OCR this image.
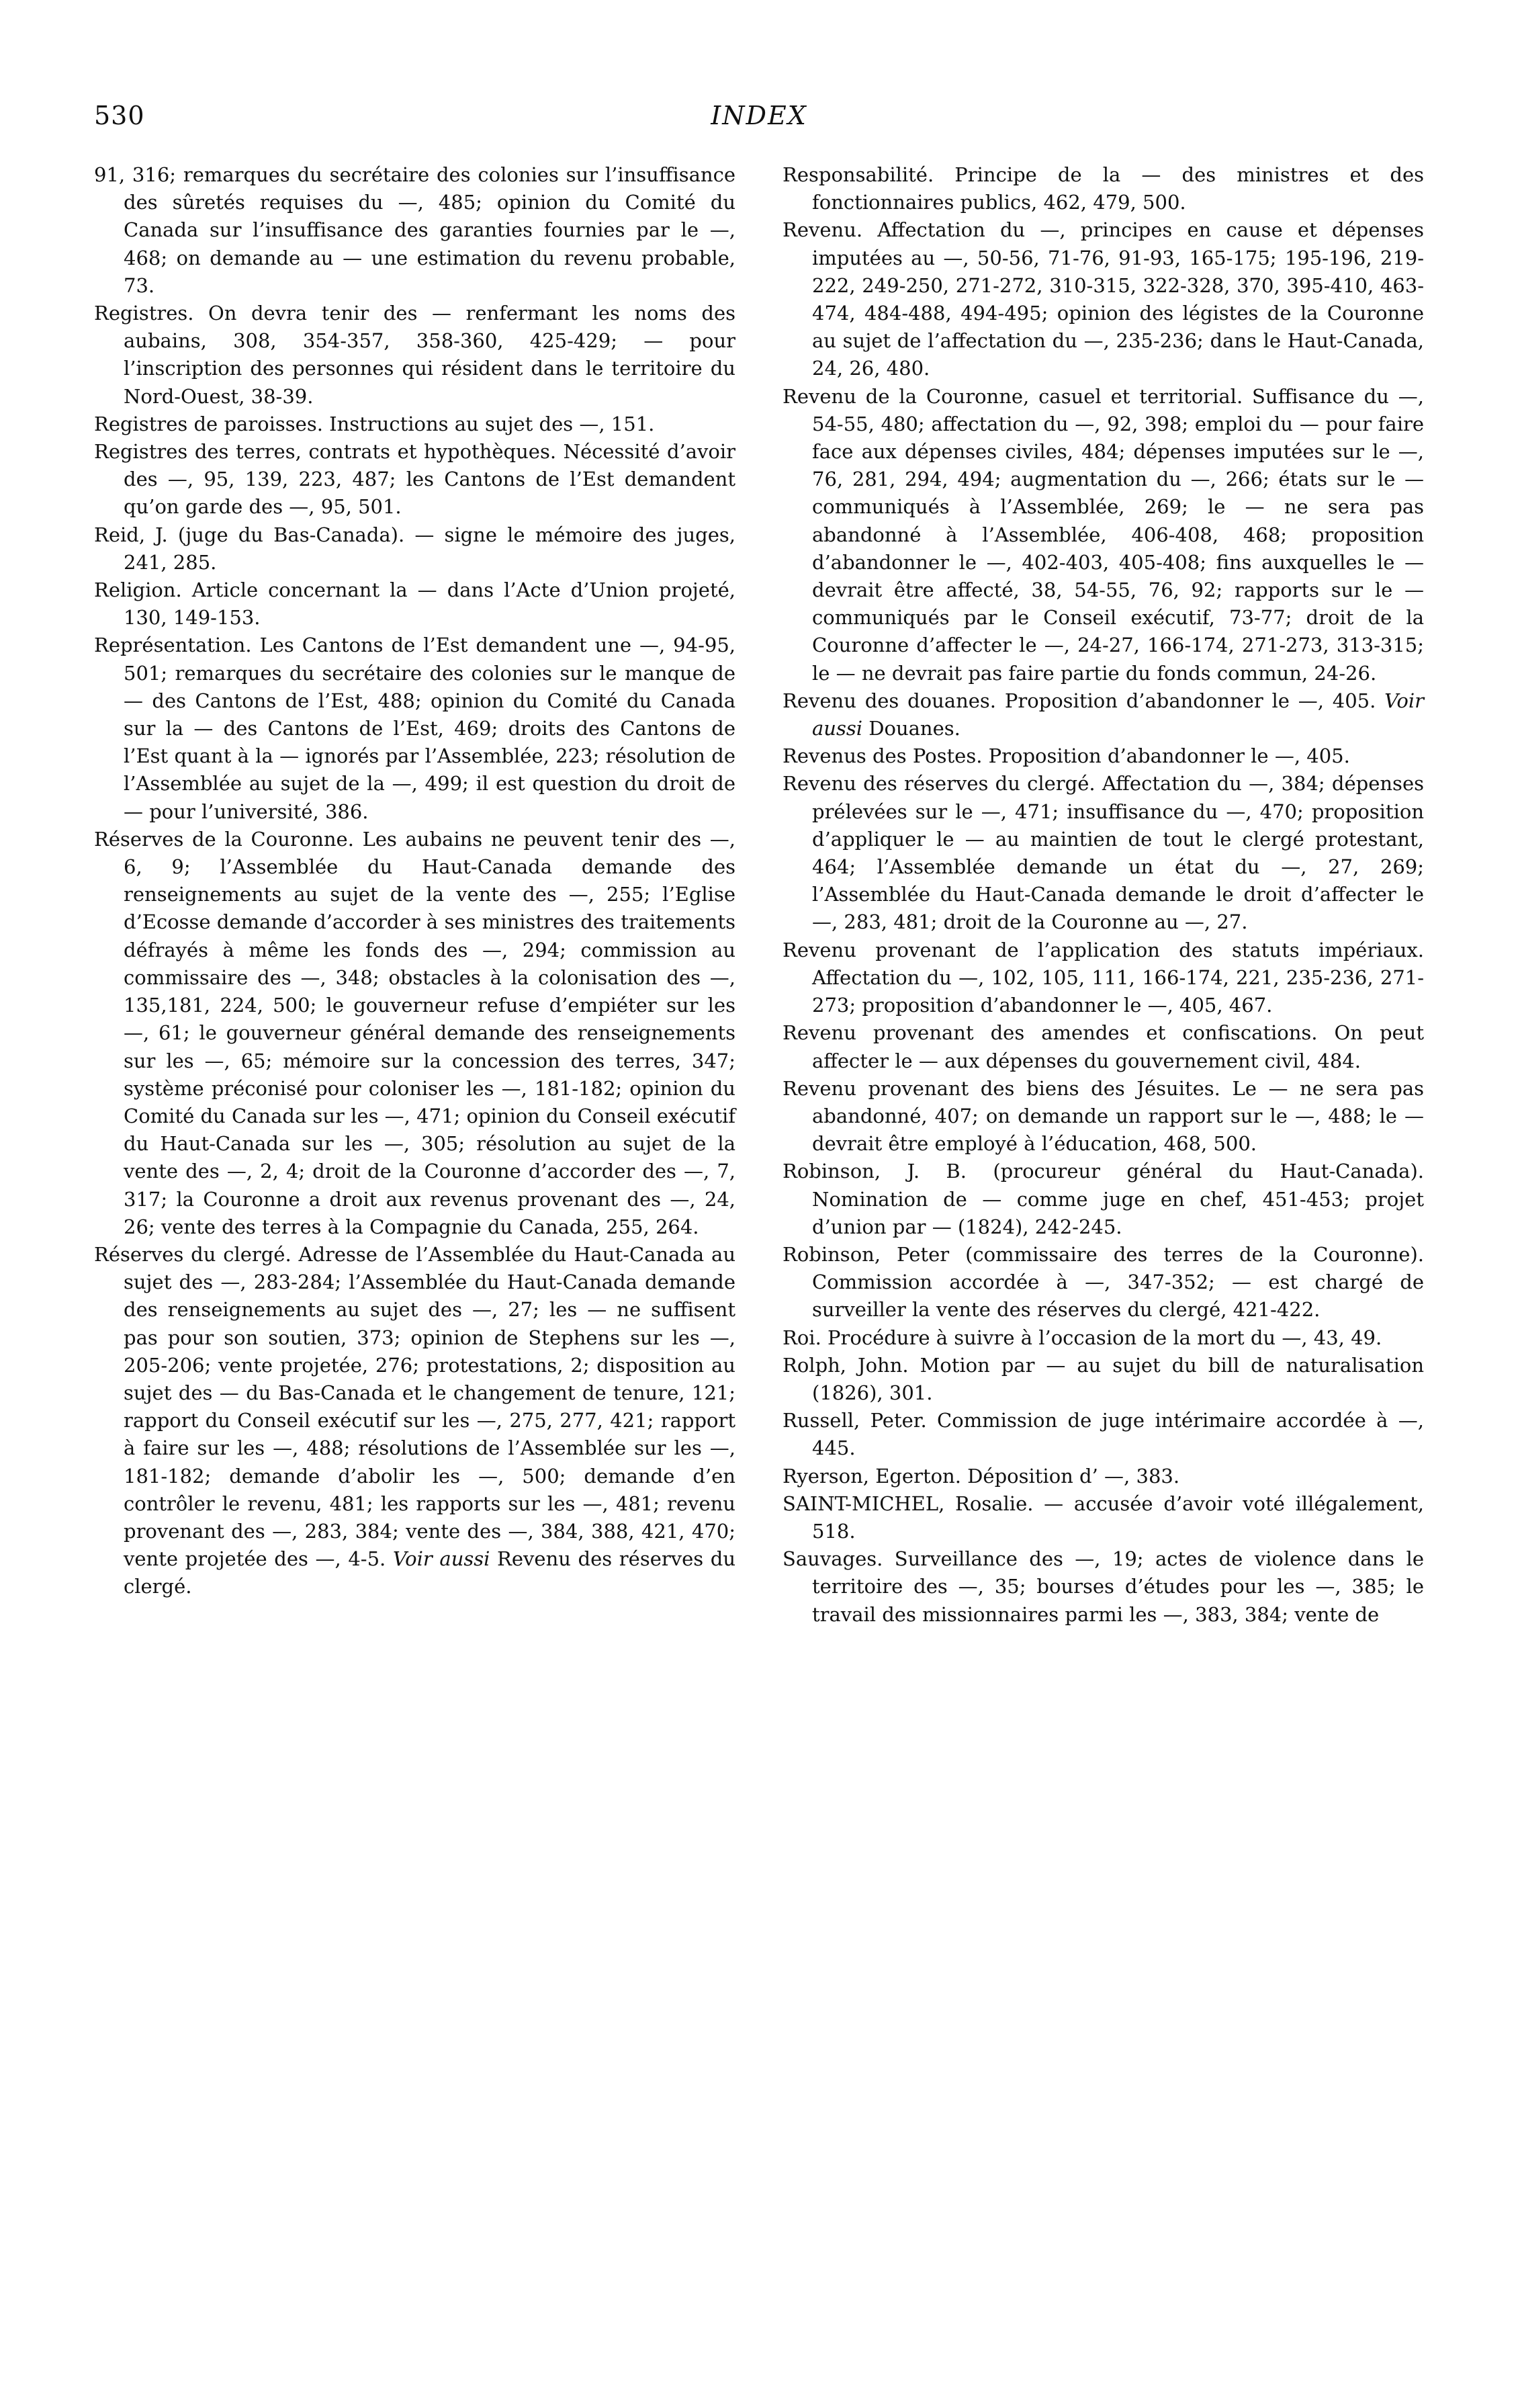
530	INDEX

91, 316; remarques du secrétaire des colonies sur l’insuffisance des sûretés requises du —, 485; opinion du Comité du Canada sur l’insuffisance des garanties fournies par le —, 468; on demande au — une estimation du revenu probable, 73.

Registres. On devra tenir des — renfermant les noms des aubains, 308, 354-357, 358-360, 425-429; — pour l’inscription des personnes qui résident dans le territoire du Nord-Ouest, 38-39.

Registres de paroisses. Instructions au sujet des —, 151.

Registres des terres, contrats et hypothèques. Nécessité d’avoir des —, 95, 139, 223, 487; les Cantons de l’Est demandent qu’on garde des —, 95, 501.

Reid, J. (juge du Bas-Canada). — signe le mémoire des juges, 241, 285.

Religion. Article concernant la — dans l’Acte d’Union projeté, 130, 149-153.

Représentation. Les Cantons de l’Est demandent une —, 94-95, 501; remarques du secrétaire des colonies sur le manque de — des Cantons de l’Est, 488; opinion du Comité du Canada sur la — des Cantons de l’Est, 469; droits des Cantons de l’Est quant à la — ignorés par l’Assemblée, 223; résolution de l’Assemblée au sujet de la —, 499; il est question du droit de — pour l’université, 386.

Réserves de la Couronne. Les aubains ne peuvent tenir des —, 6, 9; l’Assemblée du Haut-Canada demande des renseignements au sujet de la vente des —, 255; l’Eglise d’Ecosse demande d’accorder à ses ministres des traitements défrayés à même les fonds des —, 294; commission au commissaire des —, 348; obstacles à la colonisation des —, 135,181, 224, 500; le gouverneur refuse d’empiéter sur les —, 61; le gouverneur général demande des renseignements sur les —, 65; mémoire sur la concession des terres, 347; système préconisé pour coloniser les —, 181-182; opinion du Comité du Canada sur les —, 471; opinion du Conseil exécutif du Haut-Canada sur les —, 305; résolution au sujet de la vente des —, 2, 4; droit de la Couronne d’accorder des —, 7, 317; la Couronne a droit aux revenus provenant des —, 24, 26; vente des terres à la Compagnie du Canada, 255, 264.

Réserves du clergé. Adresse de l’Assemblée du Haut-Canada au sujet des —, 283-284; l’Assemblée du Haut-Canada demande des renseignements au sujet des —, 27; les — ne suffisent pas pour son soutien, 373; opinion de Stephens sur les —, 205-206; vente projetée, 276; protestations, 2; disposition au sujet des — du Bas-Canada et le changement de tenure, 121; rapport du Conseil exécutif sur les —, 275, 277, 421; rapport à faire sur les —, 488; résolutions de l’Assemblée sur les —, 181-182; demande d’abolir les —, 500; demande d’en contrôler le revenu, 481; les rapports sur les —, 481; revenu provenant des —, 283, 384; vente des —, 384, 388, 421, 470; vente projetée des —, 4-5. Voir aussi Revenu des réserves du clergé.

Responsabilité. Principe de la — des ministres et des fonctionnaires publics, 462, 479, 500.

Revenu. Affectation du —, principes en cause et dépenses imputées au —, 50-56, 71-76, 91-93, 165-175; 195-196, 219-222, 249-250, 271-272, 310-315, 322-328, 370, 395-410, 463-474, 484-488, 494-495; opinion des légistes de la Couronne au sujet de l’affectation du —, 235-236; dans le Haut-Canada, 24, 26, 480.

Revenu de la Couronne, casuel et territorial. Suffisance du —, 54-55, 480; affectation du —, 92, 398; emploi du — pour faire face aux dépenses civiles, 484; dépenses imputées sur le —, 76, 281, 294, 494; augmentation du —, 266; états sur le — communiqués à l’Assemblée, 269; le — ne sera pas abandonné à l’Assemblée, 406-408, 468; proposition d’abandonner le —, 402-403, 405-408; fins auxquelles le — devrait être affecté, 38, 54-55, 76, 92; rapports sur le — communiqués par le Conseil exécutif, 73-77; droit de la Couronne d’affecter le —, 24-27, 166-174, 271-273, 313-315; le — ne devrait pas faire partie du fonds commun, 24-26.

Revenu des douanes. Proposition d’abandonner le —, 405. Voir aussi Douanes.

Revenus des Postes. Proposition d’abandonner le —, 405.

Revenu des réserves du clergé. Affectation du —, 384; dépenses prélevées sur le —, 471; insuffisance du —, 470; proposition d’appliquer le — au maintien de tout le clergé protestant, 464; l’Assemblée demande un état du —, 27, 269; l’Assemblée du Haut-Canada demande le droit d’affecter le —, 283, 481; droit de la Couronne au —, 27.

Revenu provenant de l’application des statuts impériaux. Affectation du —, 102, 105, 111, 166-174, 221, 235-236, 271-273; proposition d’abandonner le —, 405, 467.

Revenu provenant des amendes et confiscations. On peut affecter le — aux dépenses du gouvernement civil, 484.

Revenu provenant des biens des Jésuites. Le — ne sera pas abandonné, 407; on demande un rapport sur le —, 488; le — devrait être employé à l’éducation, 468, 500.

Robinson, J. B. (procureur général du Haut-Canada). Nomination de — comme juge en chef, 451-453; projet d’union par — (1824), 242-245.

Robinson, Peter (commissaire des terres de la Couronne). Commission accordée à —, 347-352; — est chargé de surveiller la vente des réserves du clergé, 421-422.

Roi. Procédure à suivre à l’occasion de la mort du —, 43, 49.

Rolph, John. Motion par — au sujet du bill de naturalisation (1826), 301.

Russell, Peter. Commission de juge intérimaire accordée à —, 445.

Ryerson, Egerton. Déposition d’ —, 383.

SAINT-MICHEL, Rosalie. — accusée d’avoir voté illégalement, 518.

Sauvages. Surveillance des —, 19; actes de violence dans le territoire des —, 35; bourses d’études pour les —, 385; le travail des missionnaires parmi les —, 383, 384; vente de
